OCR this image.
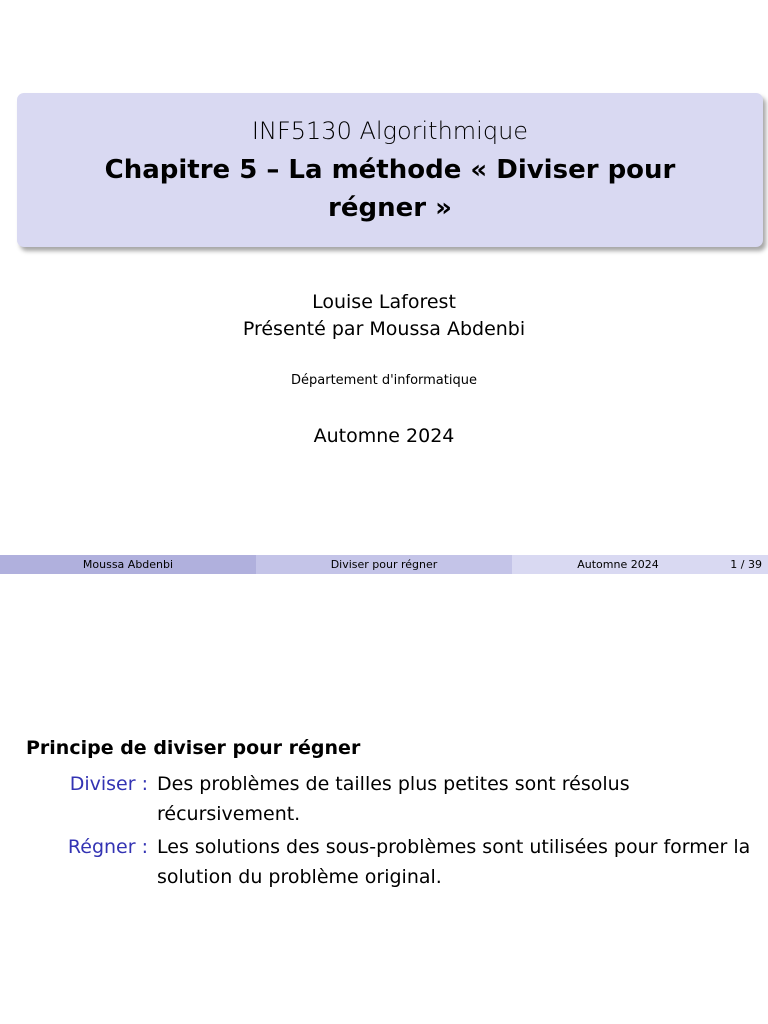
INF5130 Algorithmique
Chapitre 5 – La méthode « Diviser pour régner »
Louise Laforest
Présenté par Moussa Abdenbi
Département d'informatique
Automne 2024
Moussa Abdenbi	Diviser pour régner	Automne 2024	1 / 39
Principe de diviser pour régner
Diviser : Des problèmes de tailles plus petites sont résolus récursivement.
Régner : Les solutions des sous-problèmes sont utilisées pour former la solution du problème original.
